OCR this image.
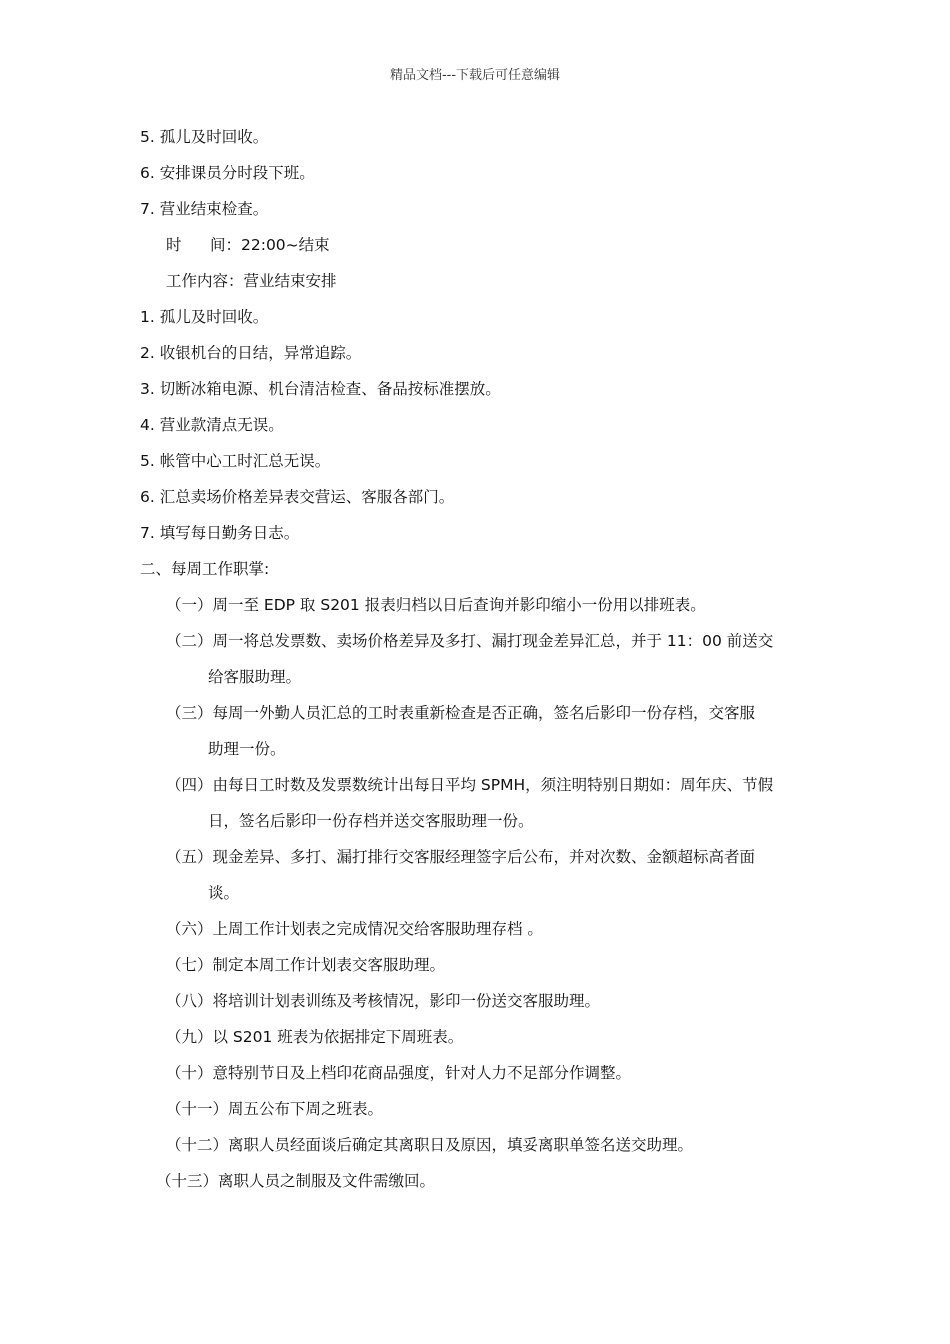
精品文档---下载后可任意编辑
5. 孤儿及时回收。
6. 安排课员分时段下班。
7. 营业结束检查。
时 间：22:00~结束
工作内容：营业结束安排
1. 孤儿及时回收。
2. 收银机台的日结，异常追踪。
3. 切断冰箱电源、机台清洁检查、备品按标准摆放。
4. 营业款清点无误。
5. 帐管中心工时汇总无误。
6. 汇总卖场价格差异表交营运、客服各部门。
7. 填写每日勤务日志。
二、每周工作职掌:
（一）周一至 EDP 取 S201 报表归档以日后查询并影印缩小一份用以排班表。
（二）周一将总发票数、卖场价格差异及多打、漏打现金差异汇总，并于 11：00 前送交
给客服助理。
（三）每周一外勤人员汇总的工时表重新检查是否正确，签名后影印一份存档，交客服
助理一份。
（四）由每日工时数及发票数统计出每日平均 SPMH，须注明特别日期如：周年庆、节假
日，签名后影印一份存档并送交客服助理一份。
（五）现金差异、多打、漏打排行交客服经理签字后公布，并对次数、金额超标高者面
谈。
（六）上周工作计划表之完成情况交给客服助理存档 。
（七）制定本周工作计划表交客服助理。
（八）将培训计划表训练及考核情况，影印一份送交客服助理。
（九）以 S201 班表为依据排定下周班表。
（十）意特别节日及上档印花商品强度，针对人力不足部分作调整。
（十一）周五公布下周之班表。
（十二）离职人员经面谈后确定其离职日及原因，填妥离职单签名送交助理。
（十三）离职人员之制服及文件需缴回。
